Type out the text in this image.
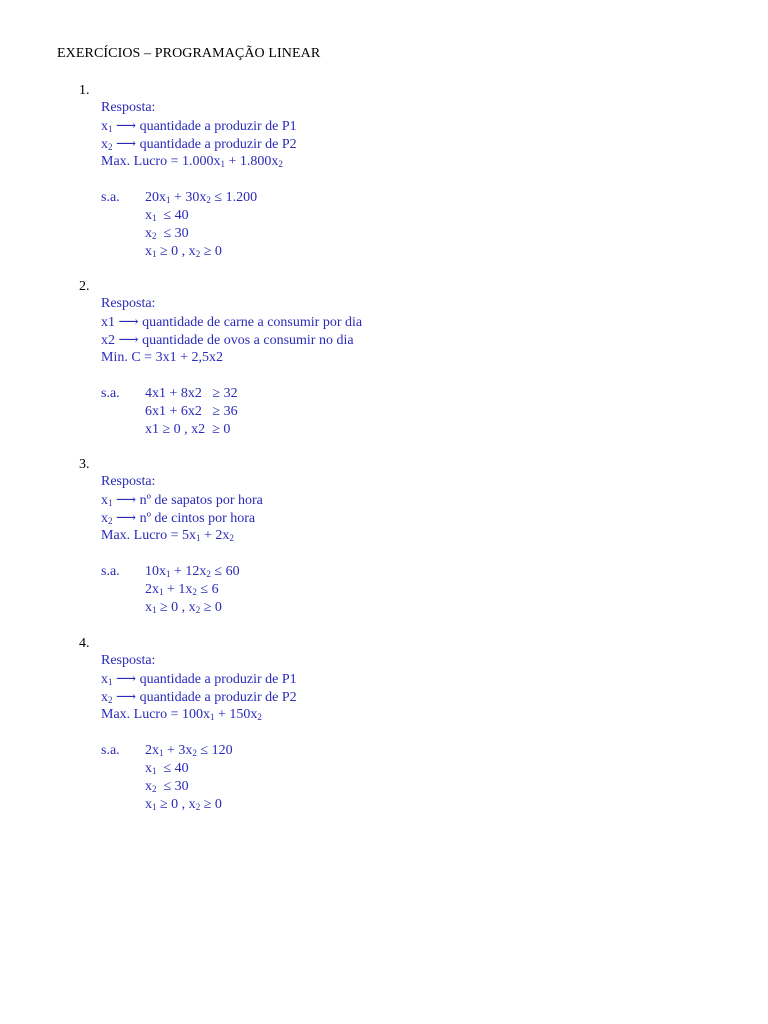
EXERCÍCIOS – PROGRAMAÇÃO LINEAR
1.
Resposta:
$x_1$ ⟶ quantidade a produzir de P1
$x_2$ ⟶ quantidade a produzir de P2
Max. Lucro = $1.000x_1 + 1.800x_2$
s.a. $20x_1 + 30x_2 \le 1.200$
$x_1 \le 40$
$x_2 \le 30$
$x_1 \ge 0$ , $x_2 \ge 0$
2.
Resposta:
x1 ⟶ quantidade de carne a consumir por dia
x2 ⟶ quantidade de ovos a consumir no dia
Min. C = 3x1 + 2,5x2
s.a. 4x1 + 8x2   ≥ 32
6x1 + 6x2   ≥ 36
x1 ≥ 0 , x2  ≥ 0
3.
Resposta:
$x_1$ ⟶ nº de sapatos por hora
$x_2$ ⟶ nº de cintos por hora
Max. Lucro = $5x_1 + 2x_2$
s.a. $10x_1 + 12x_2 \le 60$
$2x_1 + 1x_2 \le 6$
$x_1 \ge 0$ , $x_2 \ge 0$
4.
Resposta:
$x_1$ ⟶ quantidade a produzir de P1
$x_2$ ⟶ quantidade a produzir de P2
Max. Lucro = $100x_1 + 150x_2$
s.a. $2x_1 + 3x_2 \le 120$
$x_1 \le 40$
$x_2 \le 30$
$x_1 \ge 0$ , $x_2 \ge 0$
